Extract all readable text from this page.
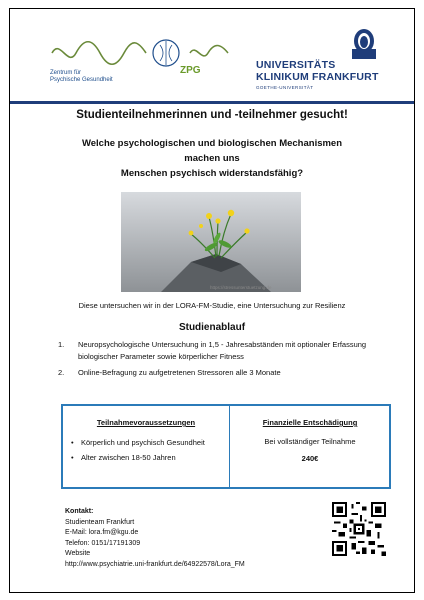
Zentrum für
Psychische Gesundheit
ZPG	UNIVERSITÄTS
KLINIKUM FRANKFURT
GOETHE-UNIVERSITÄT
Studienteilnehmerinnen und -teilnehmer gesucht!
Welche psychologischen und biologischen Mechanismen
machen uns
Menschen psychisch widerstandsfähig?
https://stressunterstuetzung.de
Diese untersuchen wir in der LORA-FM-Studie, eine Untersuchung zur Resilienz
Studienablauf
1. Neuropsychologische Untersuchung in 1,5 - Jahresabständen mit optionaler Erfassung biologischer Parameter sowie körperlicher Fitness
2. Online-Befragung zu aufgetretenen Stressoren alle 3 Monate
Teilnahmevoraussetzungen
• Körperlich und psychisch Gesundheit
• Alter zwischen 18-50 Jahren
Finanzielle Entschädigung
Bei vollständiger Teilnahme
240€
Kontakt:
Studienteam Frankfurt
E-Mail: lora.fm@kgu.de
Telefon: 0151/17191309
Website
http://www.psychiatrie.uni-frankfurt.de/64922578/Lora_FM
